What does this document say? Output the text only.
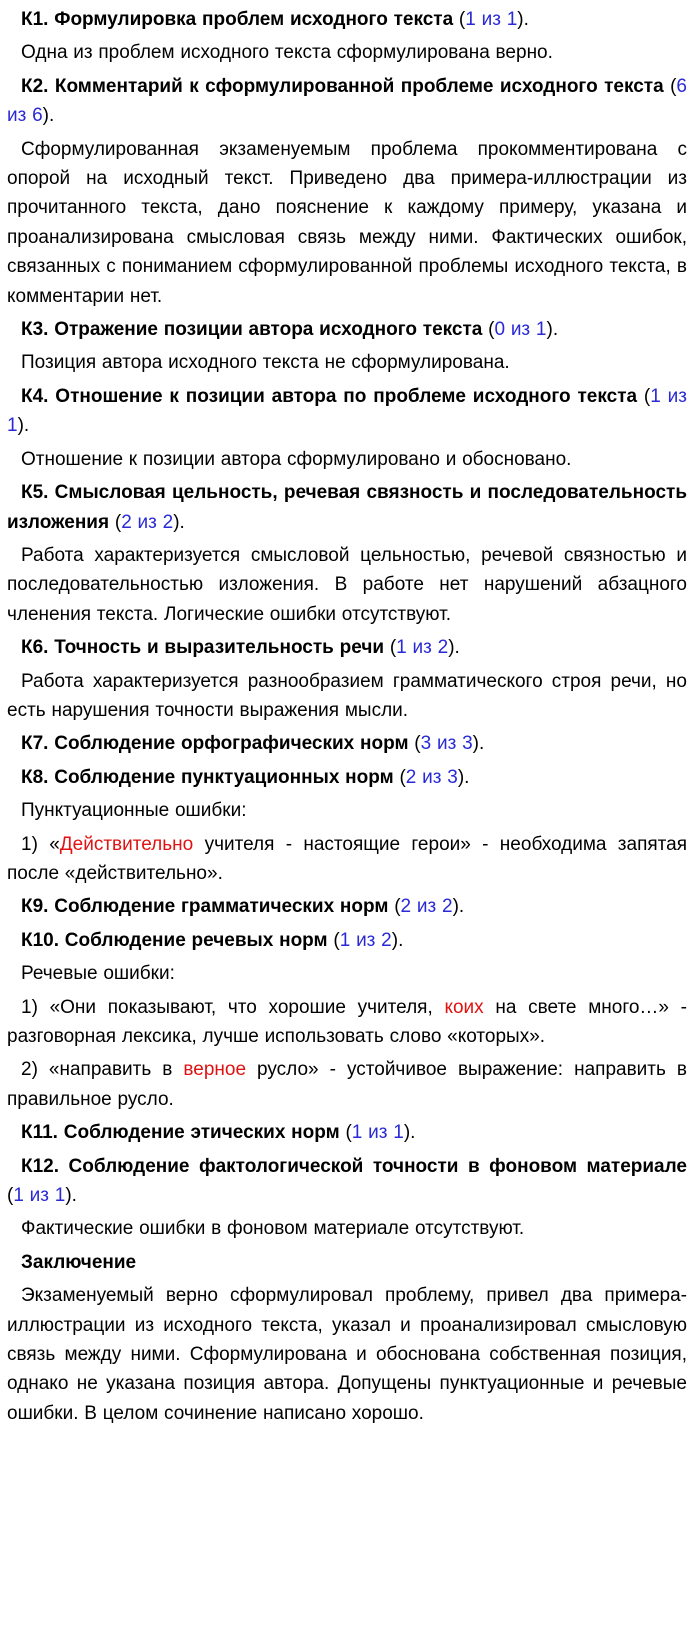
К1. Формулировка проблем исходного текста (1 из 1).

Одна из проблем исходного текста сформулирована верно.

К2. Комментарий к сформулированной проблеме исходного текста (6 из 6).

Сформулированная экзаменуемым проблема прокомментирована с опорой на исходный текст. Приведено два примера-иллюстрации из прочитанного текста, дано пояснение к каждому примеру, указана и проанализирована смысловая связь между ними. Фактических ошибок, связанных с пониманием сформулированной проблемы исходного текста, в комментарии нет.

К3. Отражение позиции автора исходного текста (0 из 1).

Позиция автора исходного текста не сформулирована.

К4. Отношение к позиции автора по проблеме исходного текста (1 из 1).

Отношение к позиции автора сформулировано и обосновано.

К5. Смысловая цельность, речевая связность и последовательность изложения (2 из 2).

Работа характеризуется смысловой цельностью, речевой связностью и последовательностью изложения. В работе нет нарушений абзацного членения текста. Логические ошибки отсутствуют.

К6. Точность и выразительность речи (1 из 2).

Работа характеризуется разнообразием грамматического строя речи, но есть нарушения точности выражения мысли.

К7. Соблюдение орфографических норм (3 из 3).

К8. Соблюдение пунктуационных норм (2 из 3).

Пунктуационные ошибки:

1) «Действительно учителя - настоящие герои» - необходима запятая после «действительно».

К9. Соблюдение грамматических норм (2 из 2).

К10. Соблюдение речевых норм (1 из 2).

Речевые ошибки:

1) «Они показывают, что хорошие учителя, коих на свете много…» - разговорная лексика, лучше использовать слово «которых».

2) «направить в верное русло» - устойчивое выражение: направить в правильное русло.

К11. Соблюдение этических норм (1 из 1).

К12. Соблюдение фактологической точности в фоновом материале (1 из 1).

Фактические ошибки в фоновом материале отсутствуют.

Заключение

Экзаменуемый верно сформулировал проблему, привел два примера-иллюстрации из исходного текста, указал и проанализировал смысловую связь между ними. Сформулирована и обоснована собственная позиция, однако не указана позиция автора. Допущены пунктуационные и речевые ошибки. В целом сочинение написано хорошо.
